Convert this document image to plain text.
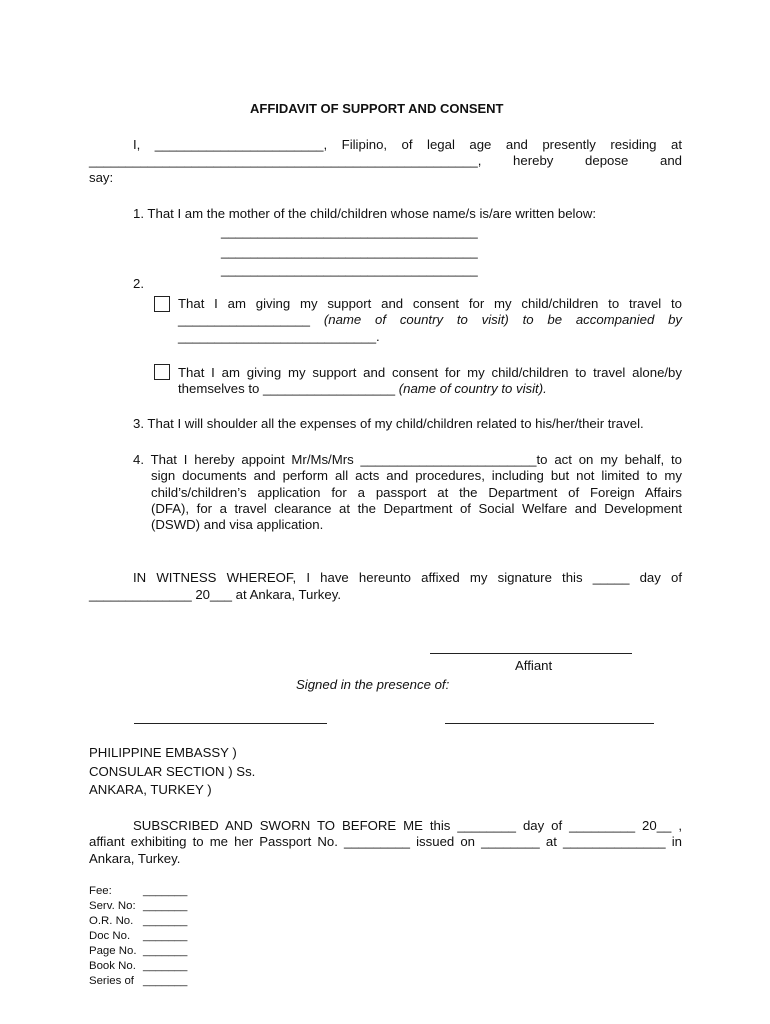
AFFIDAVIT OF SUPPORT AND CONSENT
I, _______________________, Filipino, of legal age and presently residing at
_____________________________________________________, hereby depose and
say:
1. That I am the mother of the child/children whose name/s is/are written below:
___________________________________
___________________________________
___________________________________
2.
That I am giving my support and consent for my child/children to travel to
__________________ (name of country to visit) to be accompanied by
___________________________.
That I am giving my support and consent for my child/children to travel alone/by
themselves to __________________ (name of country to visit).
3. That I will shoulder all the expenses of my child/children related to his/her/their travel.
4. That I hereby appoint Mr/Ms/Mrs ________________________to act on my behalf, to
sign documents and perform all acts and procedures, including but not limited to my
child’s/children’s application for a passport at the Department of Foreign Affairs
(DFA), for a travel clearance at the Department of Social Welfare and Development
(DSWD) and visa application.
IN WITNESS WHEREOF, I have hereunto affixed my signature this _____ day of
______________ 20___ at Ankara, Turkey.
Affiant
Signed in the presence of:
PHILIPPINE EMBASSY )
CONSULAR SECTION ) Ss.
ANKARA, TURKEY )
SUBSCRIBED AND SWORN TO BEFORE ME this ________ day of _________ 20__ ,
affiant exhibiting to me her Passport No. _________ issued on ________ at ______________ in
Ankara, Turkey.
Fee:	_______
Serv. No: _______
O.R. No. _______
Doc No. _______
Page No. _______
Book No. _______
Series of _______
